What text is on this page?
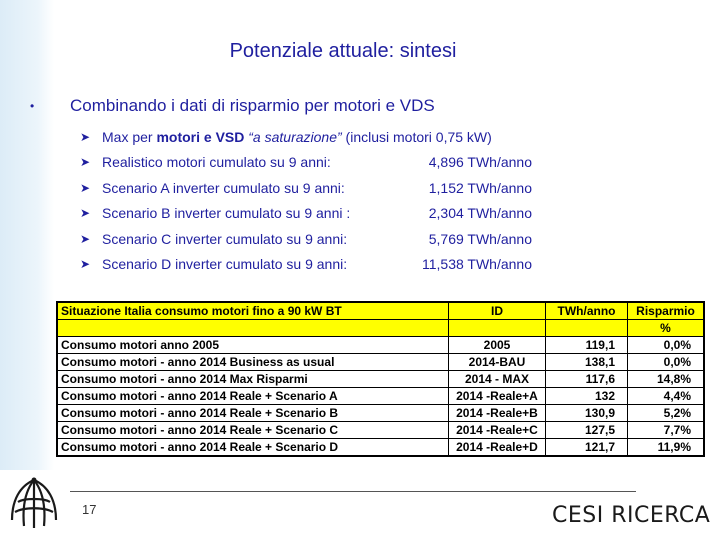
Potenziale attuale: sintesi
•	Combinando i dati di risparmio per motori e VDS
➤ Max per motori e VSD “a saturazione” (inclusi motori 0,75 kW)
➤ Realistico motori cumulato su 9 anni:	4,896 TWh/anno
➤ Scenario A inverter cumulato su 9 anni:	1,152 TWh/anno
➤ Scenario B inverter cumulato su 9 anni :	2,304 TWh/anno
➤ Scenario C inverter cumulato su 9 anni:	5,769 TWh/anno
➤ Scenario D inverter cumulato su 9 anni:	11,538 TWh/anno
Situazione Italia consumo motori fino a 90 kW BT	ID	TWh/anno	Risparmio
			%
Consumo motori anno 2005	2005	119,1	0,0%
Consumo motori - anno 2014 Business as usual	2014-BAU	138,1	0,0%
Consumo motori - anno 2014 Max Risparmi	2014 - MAX	117,6	14,8%
Consumo motori - anno 2014 Reale + Scenario A	2014 -Reale+A	132	4,4%
Consumo motori - anno 2014 Reale + Scenario B	2014 -Reale+B	130,9	5,2%
Consumo motori - anno 2014 Reale + Scenario C	2014 -Reale+C	127,5	7,7%
Consumo motori - anno 2014 Reale + Scenario D	2014 -Reale+D	121,7	11,9%
17	CESI RICERCA
